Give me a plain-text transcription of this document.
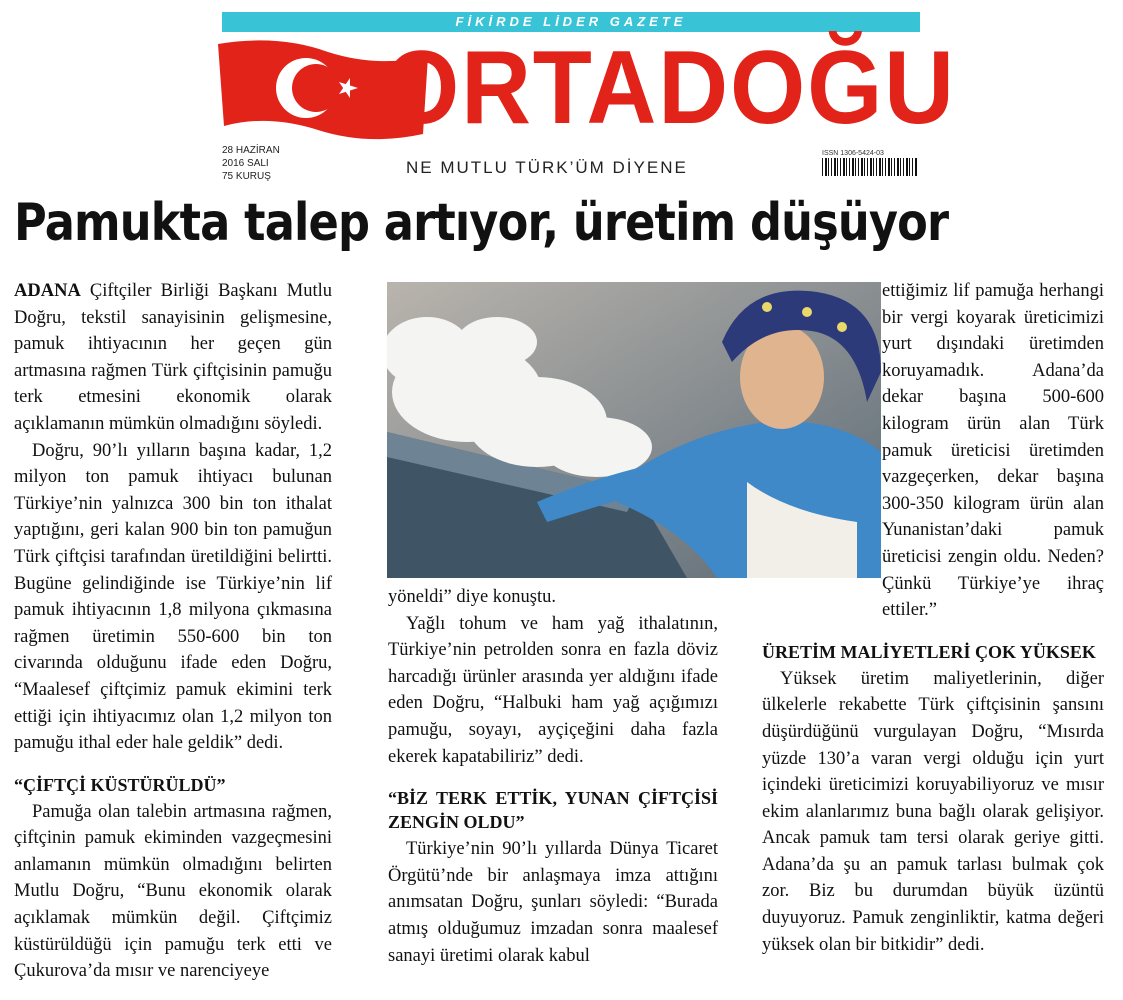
FİKİRDE LİDER GAZETE
ORTADOĞU
28 HAZİRAN
2016 SALI
75 KURUŞ	NE MUTLU TÜRK’ÜM DİYENE
ISSN 1306-5424-03
Pamukta talep artıyor, üretim düşüyor

ADANA Çiftçiler Birliği Başkanı Mutlu Doğru, tekstil sanayisinin gelişmesine, pamuk ihtiyacının her geçen gün artmasına rağmen Türk çiftçisinin pamuğu terk etmesini ekonomik olarak açıklamanın mümkün olmadığını söyledi.

Doğru, 90’lı yılların başına kadar, 1,2 milyon ton pamuk ihtiyacı bulunan Türkiye’nin yalnızca 300 bin ton ithalat yaptığını, geri kalan 900 bin ton pamuğun Türk çiftçisi tarafından üretildiğini belirtti. Bugüne gelindiğinde ise Türkiye’nin lif pamuk ihtiyacının 1,8 milyona çıkmasına rağmen üretimin 550-600 bin ton civarında olduğunu ifade eden Doğru, “Maalesef çiftçimiz pamuk ekimini terk ettiği için ihtiyacımız olan 1,2 milyon ton pamuğu ithal eder hale geldik” dedi.

“ÇİFTÇİ KÜSTÜRÜLDÜ”

Pamuğa olan talebin artmasına rağmen, çiftçinin pamuk ekiminden vazgeçmesini anlamanın mümkün olmadığını belirten Mutlu Doğru, “Bunu ekonomik olarak açıklamak mümkün değil. Çiftçimiz küstürüldüğü için pamuğu terk etti ve Çukurova’da mısır ve narenciyeye

yöneldi” diye konuştu.

Yağlı tohum ve ham yağ ithalatının, Türkiye’nin petrolden sonra en fazla döviz harcadığı ürünler arasında yer aldığını ifade eden Doğru, “Halbuki ham yağ açığımızı pamuğu, soyayı, ayçiçeğini daha fazla ekerek kapatabiliriz” dedi.

“BİZ TERK ETTİK, YUNAN ÇİFTÇİSİ ZENGİN OLDU”

Türkiye’nin 90’lı yıllarda Dünya Ticaret Örgütü’nde bir anlaşmaya imza attığını anımsatan Doğru, şunları söyledi: “Burada atmış olduğumuz imzadan sonra maalesef sanayi üretimi olarak kabul

ettiğimiz lif pamuğa herhangi bir vergi koyarak üreticimizi yurt dışındaki üretimden koruyamadık. Adana’da dekar başına 500-600 kilogram ürün alan Türk pamuk üreticisi üretimden vazgeçerken, dekar başına 300-350 kilogram ürün alan Yunanistan’daki pamuk üreticisi zengin oldu. Neden? Çünkü Türkiye’ye ihraç ettiler.”

ÜRETİM MALİYETLERİ ÇOK YÜKSEK

Yüksek üretim maliyetlerinin, diğer ülkelerle rekabette Türk çiftçisinin şansını düşürdüğünü vurgulayan Doğru, “Mısırda yüzde 130’a varan vergi olduğu için yurt içindeki üreticimizi koruyabiliyoruz ve mısır ekim alanlarımız buna bağlı olarak gelişiyor. Ancak pamuk tam tersi olarak geriye gitti. Adana’da şu an pamuk tarlası bulmak çok zor. Biz bu durumdan büyük üzüntü duyuyoruz. Pamuk zenginliktir, katma değeri yüksek olan bir bitkidir” dedi.
